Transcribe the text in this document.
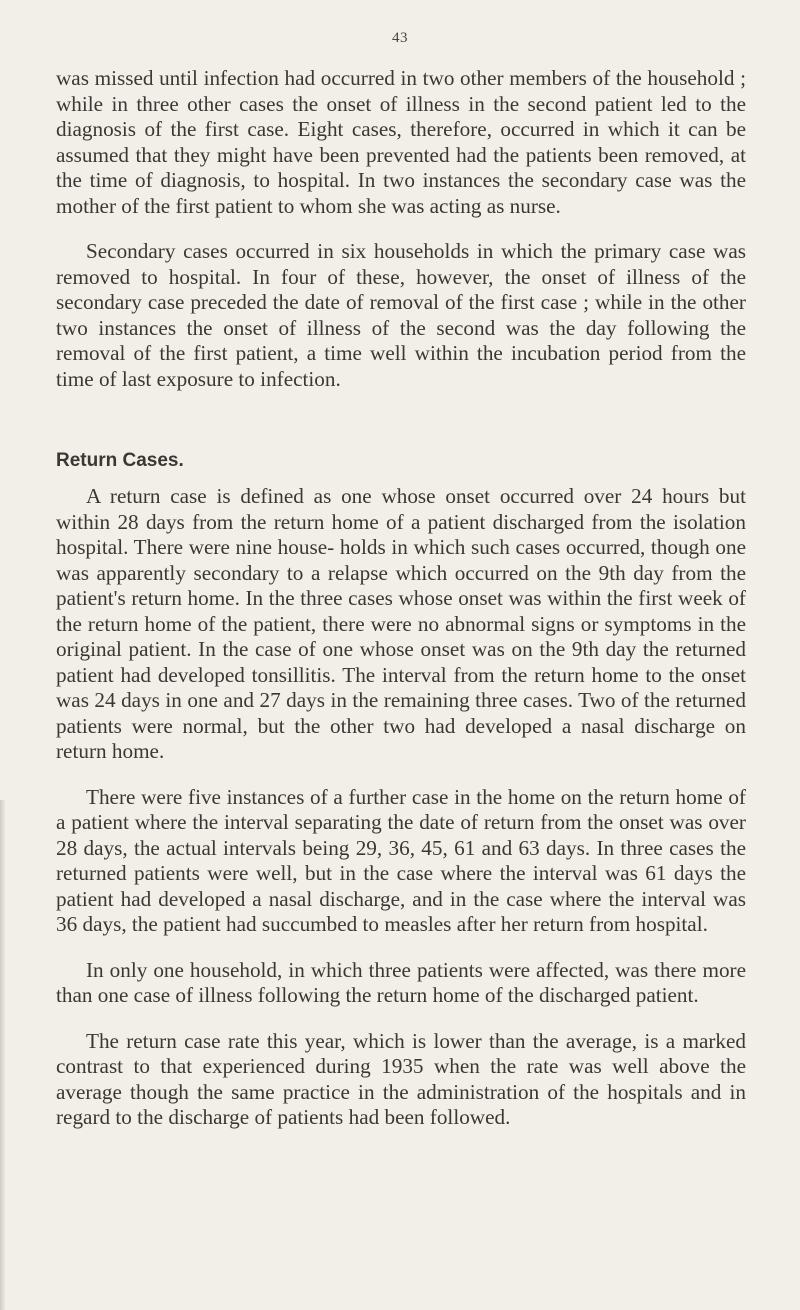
43

was missed until infection had occurred in two other members of the household ; while in three other cases the onset of illness in the second patient led to the diagnosis of the first case. Eight cases, therefore, occurred in which it can be assumed that they might have been prevented had the patients been removed, at the time of diagnosis, to hospital. In two instances the secondary case was the mother of the first patient to whom she was acting as nurse.

Secondary cases occurred in six households in which the primary case was removed to hospital. In four of these, however, the onset of illness of the secondary case preceded the date of removal of the first case ; while in the other two instances the onset of illness of the second was the day following the removal of the first patient, a time well within the incubation period from the time of last exposure to infection.

Return Cases.

A return case is defined as one whose onset occurred over 24 hours but within 28 days from the return home of a patient discharged from the isolation hospital. There were nine house- holds in which such cases occurred, though one was apparently secondary to a relapse which occurred on the 9th day from the patient's return home. In the three cases whose onset was within the first week of the return home of the patient, there were no abnormal signs or symptoms in the original patient. In the case of one whose onset was on the 9th day the returned patient had developed tonsillitis. The interval from the return home to the onset was 24 days in one and 27 days in the remaining three cases. Two of the returned patients were normal, but the other two had developed a nasal discharge on return home.

There were five instances of a further case in the home on the return home of a patient where the interval separating the date of return from the onset was over 28 days, the actual intervals being 29, 36, 45, 61 and 63 days. In three cases the returned patients were well, but in the case where the interval was 61 days the patient had developed a nasal discharge, and in the case where the interval was 36 days, the patient had succumbed to measles after her return from hospital.

In only one household, in which three patients were affected, was there more than one case of illness following the return home of the discharged patient.

The return case rate this year, which is lower than the average, is a marked contrast to that experienced during 1935 when the rate was well above the average though the same practice in the administration of the hospitals and in regard to the discharge of patients had been followed.
